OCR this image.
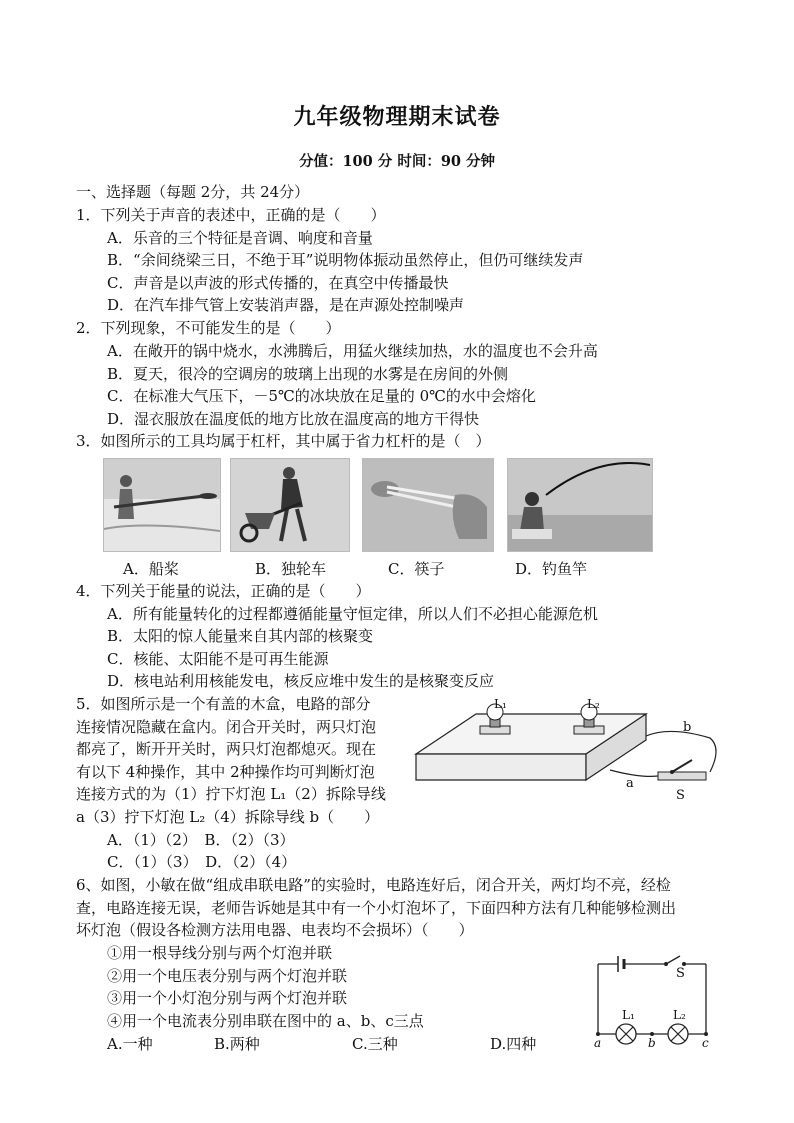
九年级物理期末试卷
分值：100 分 时间：90 分钟
一、选择题（每题 2分，共 24分）
1．下列关于声音的表述中，正确的是（　　）
A．乐音的三个特征是音调、响度和音量
B．“余间绕梁三日，不绝于耳”说明物体振动虽然停止，但仍可继续发声
C．声音是以声波的形式传播的，在真空中传播最快
D．在汽车排气管上安装消声器，是在声源处控制噪声
2．下列现象，不可能发生的是（　　）
A．在敞开的锅中烧水，水沸腾后，用猛火继续加热，水的温度也不会升高
B．夏天，很冷的空调房的玻璃上出现的水雾是在房间的外侧
C．在标准大气压下，－5℃的冰块放在足量的 0℃的水中会熔化
D．湿衣服放在温度低的地方比放在温度高的地方干得快
3．如图所示的工具均属于杠杆，其中属于省力杠杆的是（　）
A．船桨	B．独轮车	C．筷子	D．钓鱼竿
4．下列关于能量的说法，正确的是（　　）
A．所有能量转化的过程都遵循能量守恒定律，所以人们不必担心能源危机
B．太阳的惊人能量来自其内部的核聚变
C．核能、太阳能不是可再生能源
D．核电站利用核能发电，核反应堆中发生的是核聚变反应
5．如图所示是一个有盖的木盒，电路的部分
连接情况隐藏在盒内。闭合开关时，两只灯泡
都亮了，断开开关时，两只灯泡都熄灭。现在
有以下 4种操作，其中 2种操作均可判断灯泡
连接方式的为（1）拧下灯泡 L₁（2）拆除导线
a（3）拧下灯泡 L₂（4）拆除导线 b（　　）
A．（1）（2）　B．（2）（3）
C．（1）（3）　D．（2）（4）
L₁	L₂
b
a
S
6、如图，小敏在做“组成串联电路”的实验时，电路连好后，闭合开关，两灯均不亮，经检
查，电路连接无误，老师告诉她是其中有一个小灯泡坏了，下面四种方法有几种能够检测出
坏灯泡（假设各检测方法用电器、电表均不会损坏）（　　）
①用一根导线分别与两个灯泡并联
②用一个电压表分别与两个灯泡并联
③用一个小灯泡分别与两个灯泡并联
④用一个电流表分别串联在图中的 a、b、c三点
A.一种	B.两种	C.三种	D.四种
S
L₁	L₂
a	b	c
